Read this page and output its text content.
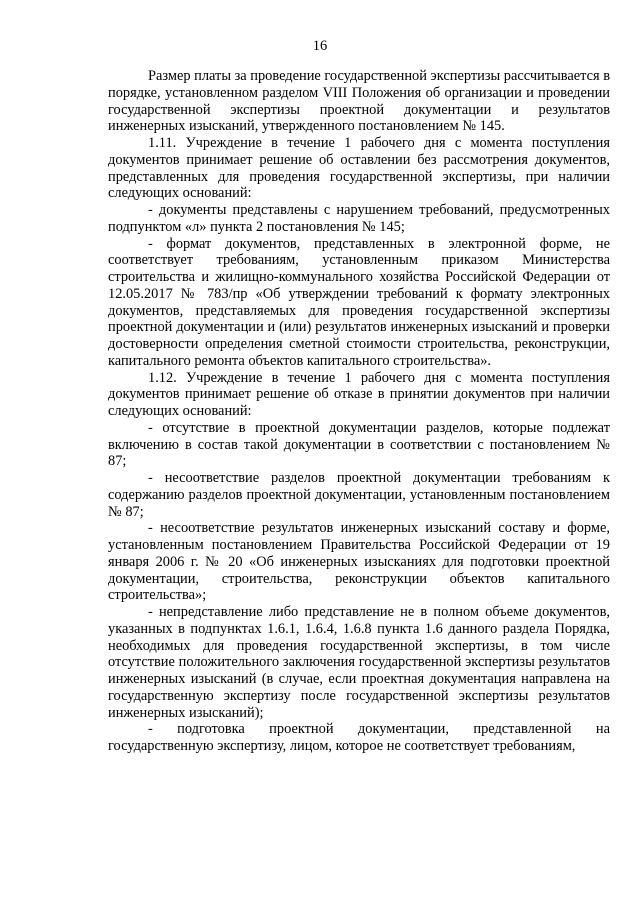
16

Размер платы за проведение государственной экспертизы рассчитывается в порядке, установленном разделом VIII Положения об организации и проведении государственной экспертизы проектной документации и результатов инженерных изысканий, утвержденного постановлением № 145.

1.11. Учреждение в течение 1 рабочего дня с момента поступления документов принимает решение об оставлении без рассмотрения документов, представленных для проведения государственной экспертизы, при наличии следующих оснований:

- документы представлены с нарушением требований, предусмотренных подпунктом «л» пункта 2 постановления № 145;

- формат документов, представленных в электронной форме, не соответствует требованиям, установленным приказом Министерства строительства и жилищно-коммунального хозяйства Российской Федерации от 12.05.2017 № 783/пр «Об утверждении требований к формату электронных документов, представляемых для проведения государственной экспертизы проектной документации и (или) результатов инженерных изысканий и проверки достоверности определения сметной стоимости строительства, реконструкции, капитального ремонта объектов капитального строительства».

1.12. Учреждение в течение 1 рабочего дня с момента поступления документов принимает решение об отказе в принятии документов при наличии следующих оснований:

- отсутствие в проектной документации разделов, которые подлежат включению в состав такой документации в соответствии с постановлением № 87;

- несоответствие разделов проектной документации требованиям к содержанию разделов проектной документации, установленным постановлением № 87;

- несоответствие результатов инженерных изысканий составу и форме, установленным постановлением Правительства Российской Федерации от 19 января 2006 г. № 20 «Об инженерных изысканиях для подготовки проектной документации, строительства, реконструкции объектов капитального строительства»;

- непредставление либо представление не в полном объеме документов, указанных в подпунктах 1.6.1, 1.6.4, 1.6.8 пункта 1.6 данного раздела Порядка, необходимых для проведения государственной экспертизы, в том числе отсутствие положительного заключения государственной экспертизы результатов инженерных изысканий (в случае, если проектная документация направлена на государственную экспертизу после государственной экспертизы результатов инженерных изысканий);

- подготовка проектной документации, представленной на государственную экспертизу, лицом, которое не соответствует требованиям,
